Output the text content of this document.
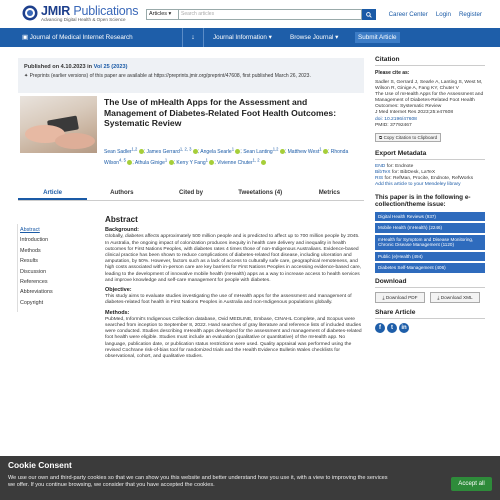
JMIR Publications
Advancing Digital Health & Open Science
Articles ▾	Search articles	Career Center Login Register
▣ Journal of Medical Internet Research	↓	Journal Information ▾	Browse Journal ▾	Submit Article
Published on 4.10.2023 in Vol 25 (2023)
✦ Preprints (earlier versions) of this paper are available at https://preprints.jmir.org/preprint/47608, first published March 26, 2023.
The Use of mHealth Apps for the Assessment and Management of Diabetes-Related Foot Health Outcomes: Systematic Review
Sean Sadler$^{1,2}$ ; James Gerrard$^{1, 2, 3}$ ; Angela Searle$^1$ ; Sean Lanting$^{1,2}$ ; Matthew West$^1$ ; Rhonda Wilson$^{4, 5}$ ; Athula Ginige$^1$ ; Kerry Y Fang$^1$ ; Vivienne Chuter$^{1, 2}$
Article	Authors	Cited by	Tweetations (4)	Metrics
Abstract
Introduction
Methods
Results
Discussion
References
Abbreviations
Copyright
Abstract
Background:

Globally, diabetes affects approximately 500 million people and is predicted to affect up to 700 million people by 2045. In Australia, the ongoing impact of colonization produces inequity in health care delivery and inequality in health outcomes for First Nations Peoples, with diabetes rates 4 times those of non-Indigenous Australians. Evidence-based clinical practice has been shown to reduce complications of diabetes-related foot disease, including ulceration and amputation, by 50%. However, factors such as a lack of access to culturally safe care, geographical remoteness, and high costs associated with in-person care are key barriers for First Nations Peoples in accessing evidence-based care, leading to the development of innovative mobile health (mHealth) apps as a way to increase access to health services and improve knowledge and self-care management for people with diabetes.

Objective:

This study aims to evaluate studies investigating the use of mHealth apps for the assessment and management of diabetes-related foot health in First Nations Peoples in Australia and non-Indigenous populations globally.

Methods:

PubMed, Informit's Indigenous Collection database, Ovid MEDLINE, Embase, CINAHL Complete, and Scopus were searched from inception to September 8, 2022. Hand searches of gray literature and reference lists of included studies were conducted. Studies describing mHealth apps developed for the assessment and management of diabetes-related foot health were eligible. Studies must include an evaluation (qualitative or quantitative) of the mHealth app. No language, publication date, or publication status restrictions were used. Quality appraisal was performed using the revised Cochrane risk-of-bias tool for randomized trials and the Health Evidence Bulletin Wales checklists for observational, cohort, and qualitative studies.

Citation
Please cite as:
Sadler S, Gerrard J, Searle A, Lanting S, West M, Wilson R, Ginige A, Fang KY, Chuter V
The Use of mHealth Apps for the Assessment and Management of Diabetes-Related Foot Health Outcomes: Systematic Review
J Med Internet Res 2023;25:e47608
doi: 10.2196/47608
PMID: 37792467
⧉ Copy Citation to Clipboard
Export Metadata
END for: Endnote
BibTeX for: BibDesk, LaTeX
RIS for: RefMan, Procite, Endnote, RefWorks
Add this article to your Mendeley library
This paper is in the following e-collection/theme issue:
Digital Health Reviews (937)
Mobile Health (mHealth) (2246)
mHealth for Symptom and Disease Monitoring, Chronic Disease Management (1120)
Public (e)Health (494)
Diabetes Self-Management (406)
Download
⤓ Download PDF	⤓ Download XML
Share Article
f	t	in
Cookie Consent
We use our own and third-party cookies so that we can show you this website and better understand how you use it, with a view to improving the services we offer. If you continue browsing, we consider that you have accepted the cookies.	Accept all
